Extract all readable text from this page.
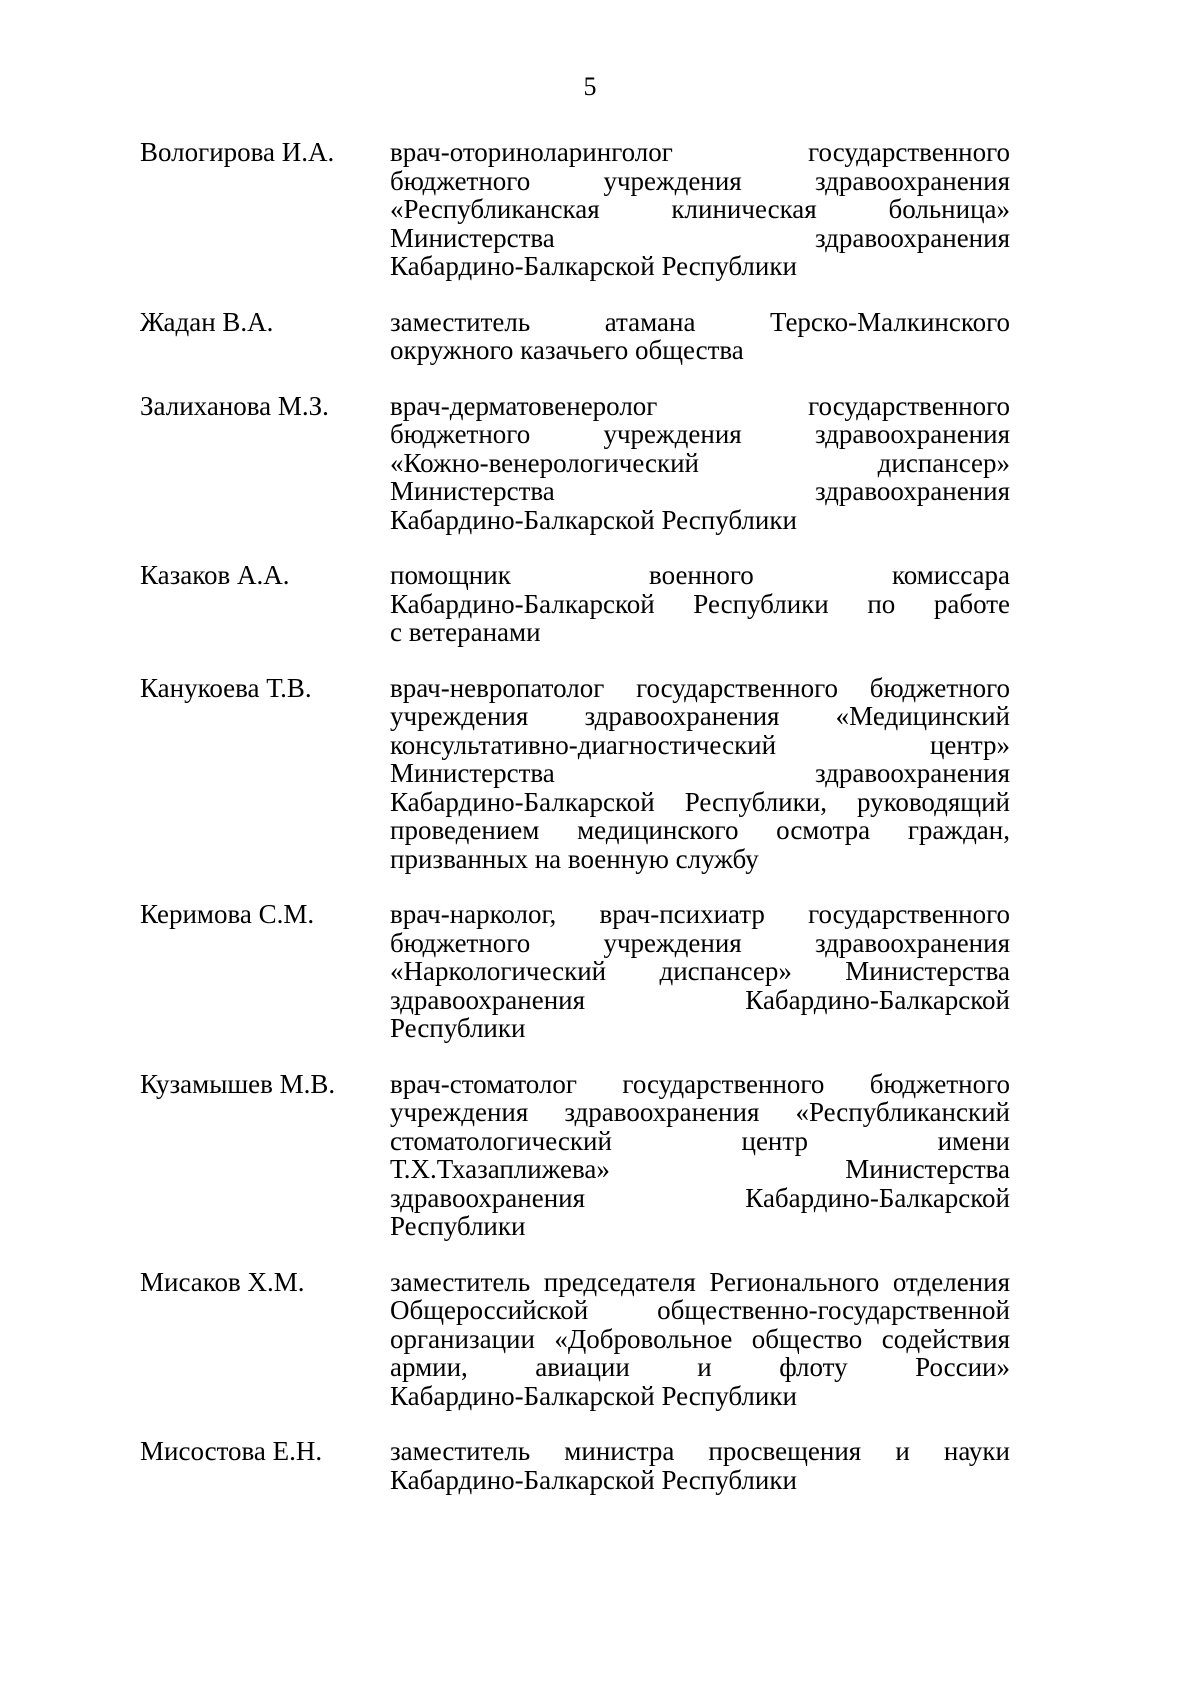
5
Вологирова И.А.	врач-оториноларинголог государственного
бюджетного учреждения здравоохранения
«Республиканская клиническая больница»
Министерства здравоохранения
Кабардино-Балкарской Республики
Жадан В.А.	заместитель атамана Терско-Малкинского
окружного казачьего общества
Залиханова М.З.	врач-дерматовенеролог государственного
бюджетного учреждения здравоохранения
«Кожно-венерологический диспансер»
Министерства здравоохранения
Кабардино-Балкарской Республики
Казаков А.А.	помощник военного комиссара
Кабардино-Балкарской Республики по работе
с ветеранами
Канукоева Т.В.	врач-невропатолог государственного бюджетного
учреждения здравоохранения «Медицинский
консультативно-диагностический центр»
Министерства здравоохранения
Кабардино-Балкарской Республики, руководящий
проведением медицинского осмотра граждан,
призванных на военную службу
Керимова С.М.	врач-нарколог, врач-психиатр государственного
бюджетного учреждения здравоохранения
«Наркологический диспансер» Министерства
здравоохранения Кабардино-Балкарской
Республики
Кузамышев М.В.	врач-стоматолог государственного бюджетного
учреждения здравоохранения «Республиканский
стоматологический центр имени
Т.Х.Тхазаплижева» Министерства
здравоохранения Кабардино-Балкарской
Республики
Мисаков Х.М.	заместитель председателя Регионального отделения
Общероссийской общественно-государственной
организации «Добровольное общество содействия
армии, авиации и флоту России»
Кабардино-Балкарской Республики
Мисостова Е.Н.	заместитель министра просвещения и науки
Кабардино-Балкарской Республики
